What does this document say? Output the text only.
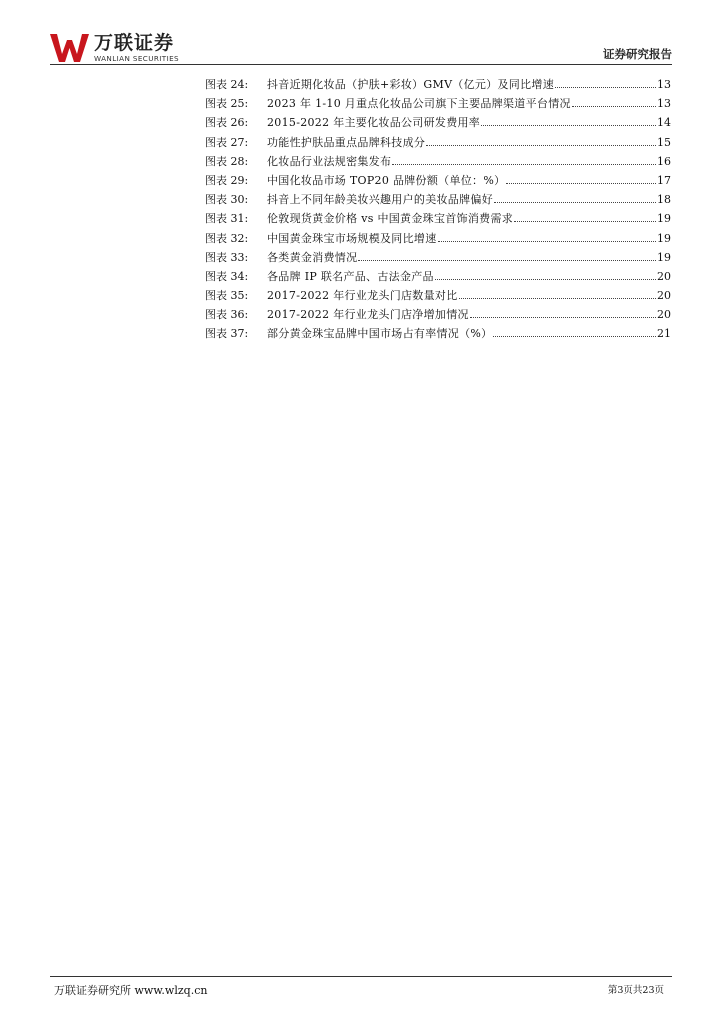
万联证券
WANLIAN SECURITIES	证券研究报告
图表 24:	抖音近期化妆品（护肤+彩妆）GMV（亿元）及同比增速	13
图表 25:	2023 年 1-10 月重点化妆品公司旗下主要品牌渠道平台情况	13
图表 26:	2015-2022 年主要化妆品公司研发费用率	14
图表 27:	功能性护肤品重点品牌科技成分	15
图表 28:	化妆品行业法规密集发布	16
图表 29:	中国化妆品市场 TOP20 品牌份额（单位：%）	17
图表 30:	抖音上不同年龄美妆兴趣用户的美妆品牌偏好	18
图表 31:	伦敦现货黄金价格 vs 中国黄金珠宝首饰消费需求	19
图表 32:	中国黄金珠宝市场规模及同比增速	19
图表 33:	各类黄金消费情况	19
图表 34:	各品牌 IP 联名产品、古法金产品	20
图表 35:	2017-2022 年行业龙头门店数量对比	20
图表 36:	2017-2022 年行业龙头门店净增加情况	20
图表 37:	部分黄金珠宝品牌中国市场占有率情况（%）	21
万联证券研究所 www.wlzq.cn	第3页共23页
